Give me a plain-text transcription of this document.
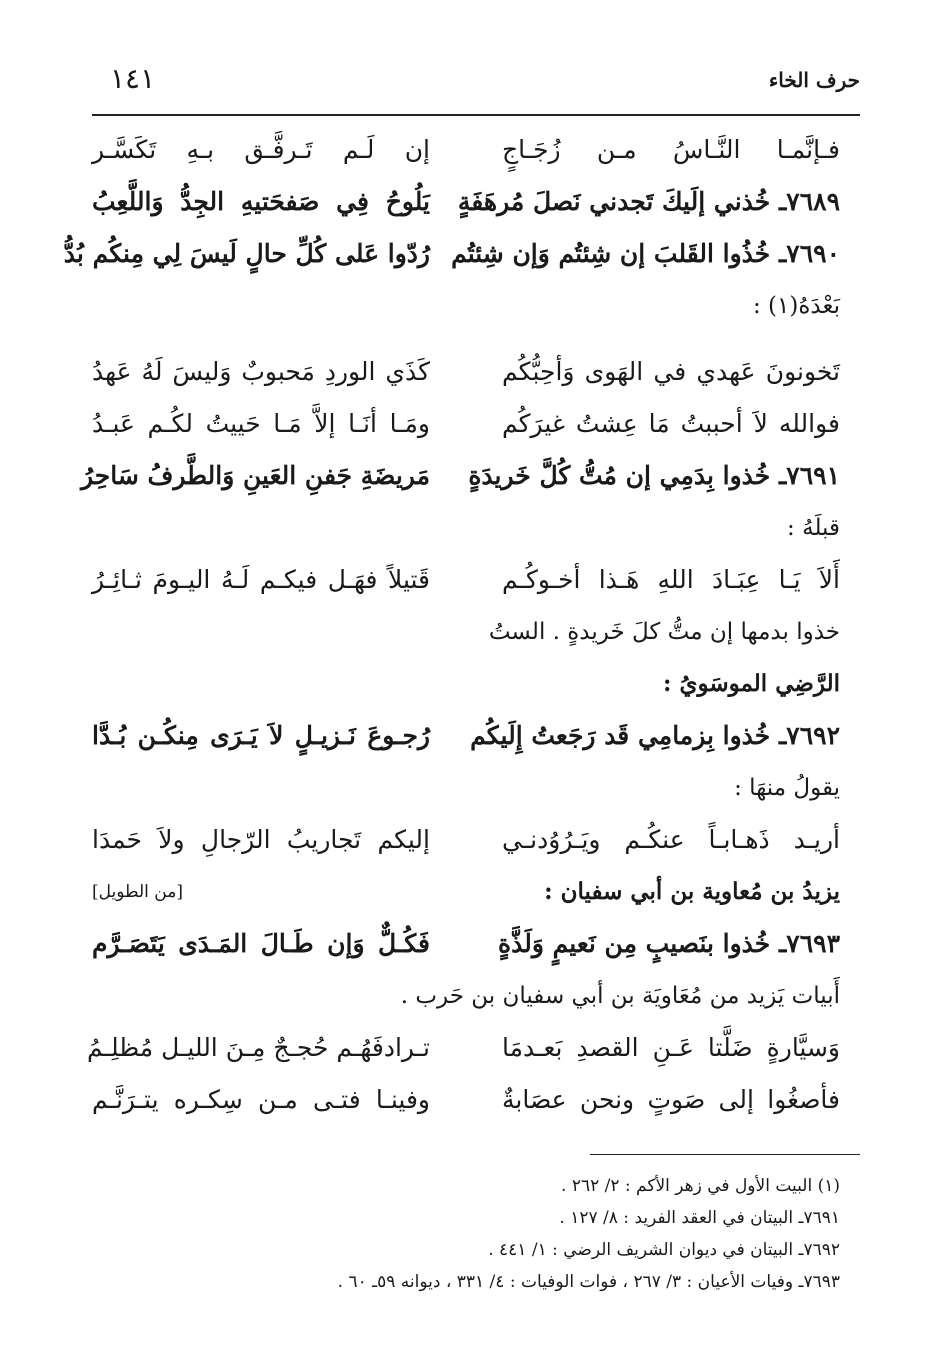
حرف الخاء
١٤١
فـإنَّمـا النَّـاسُ مـن زُجَـاجٍ
إن لَـم تَـرفَّـق بـهِ تَكَسَّـر
٧٦٨٩ـ خُذني إلَيكَ تَجدني نَصلَ مُرهَفَةٍ
يَلُوحُ فِي صَفحَتيهِ الجِدُّ وَاللَّعِبُ
٧٦٩٠ـ خُذُوا القَلبَ إن شِئتُم وَإن شِئتُم
رُدّوا عَلى كُلِّ حالٍ لَيسَ لِي مِنكُم بُدُّ
بَعْدَهُ(١) :
تَخونونَ عَهدي في الهَوى وَأحِبُّكُم
كَذَي الوردِ مَحبوبٌ وَليسَ لَهُ عَهدُ
فوالله لاَ أحببتُ مَا عِشتُ غيرَكُم
ومَـا أنَـا إلاَّ مَـا حَييتُ لكُـم عَبـدُ
٧٦٩١ـ خُذوا بِدَمِي إن مُتُّ كُلَّ خَريدَةٍ
مَريضَةِ جَفنِ العَينِ وَالطَّرفُ سَاحِرُ
قبلَهُ :
أَلاَ يَـا عِبَـادَ اللهِ هَـذا أخـوكُـم
قَتيلاً فهَـل فيكـم لَـهُ اليـومَ ثـائِـرُ
خذوا بدمها إن متُّ كلَ خَريدةٍ . الستُ
الرَّضِي الموسَويُ :
٧٦٩٢ـ خُذوا بِزمامِي قَد رَجَعتُ إِلَيكُم
رُجـوعَ نَـزيـلٍ لاَ يَـرَى مِنكُـن بُـدَّا
يقولُ منهَا :
أريـد ذَهـابـاً عنكُـم ويَـرُوُدنـي
إليكم تَجاريبُ الرّجالِ ولاَ حَمدَا
يزيدُ بن مُعاوية بن أبي سفيان :
[من الطويل]
٧٦٩٣ـ خُذوا بنَصيبٍ مِن نَعيمٍ وَلَذَّةٍ
فَكُـلٌّ وَإن طَـالَ المَـدَى يَتَصَـرَّم
أَبيات يَزيد من مُعَاويَة بن أبي سفيان بن حَرب .
وَسيَّارةٍ ضَلَّتا عَـنِ القصدِ بَعـدمَا
تـرادفَهُـم حُجـجٌ مِـنَ الليـل مُظلِـمُ
فأصغُوا إلى صَوتٍ ونحن عصَابةٌ
وفينـا فتـى مـن سِكـره يتـرَنَّـم
(١) البيت الأول في زهر الأكم : ٢/ ٢٦٢ .
٧٦٩١ـ البيتان في العقد الفريد : ٨/ ١٢٧ .
٧٦٩٢ـ البيتان في ديوان الشريف الرضي : ١/ ٤٤١ .
٧٦٩٣ـ وفيات الأعيان : ٣/ ٢٦٧ ، فوات الوفيات : ٤/ ٣٣١ ، ديوانه ٥٩ـ ٦٠ .
